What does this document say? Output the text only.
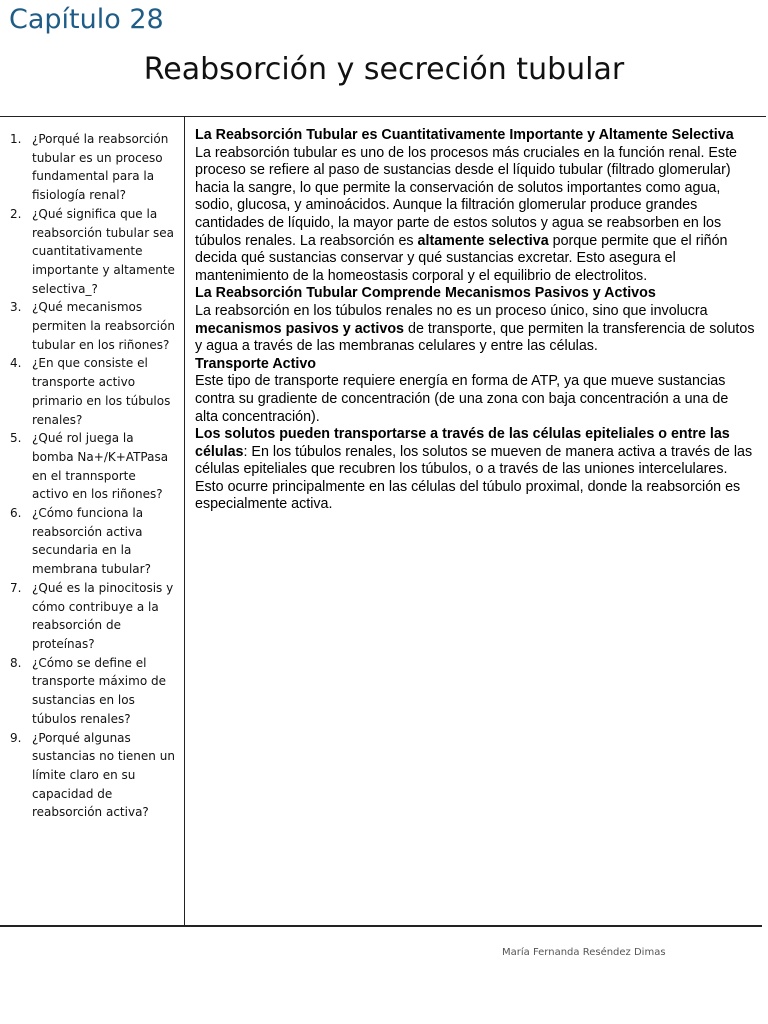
Capítulo 28
Reabsorción y secreción tubular
1. ¿Porqué la reabsorción tubular es un proceso fundamental para la fisiología renal?
2. ¿Qué significa que la reabsorción tubular sea cuantitativamente importante y altamente selectiva_?
3. ¿Qué mecanismos permiten la reabsorción tubular en los riñones?
4. ¿En que consiste el transporte activo primario en los túbulos renales?
5. ¿Qué rol juega la bomba Na+/K+ATPasa en el trannsporte activo en los riñones?
6. ¿Cómo funciona la reabsorción activa secundaria en la membrana tubular?
7. ¿Qué es la pinocitosis y cómo contribuye a la reabsorción de proteínas?
8. ¿Cómo se define el transporte máximo de sustancias en los túbulos renales?
9. ¿Porqué algunas sustancias no tienen un límite claro en su capacidad de reabsorción activa?

La Reabsorción Tubular es Cuantitativamente Importante y Altamente Selectiva

La reabsorción tubular es uno de los procesos más cruciales en la función renal. Este proceso se refiere al paso de sustancias desde el líquido tubular (filtrado glomerular) hacia la sangre, lo que permite la conservación de solutos importantes como agua, sodio, glucosa, y aminoácidos. Aunque la filtración glomerular produce grandes cantidades de líquido, la mayor parte de estos solutos y agua se reabsorben en los túbulos renales. La reabsorción es altamente selectiva porque permite que el riñón decida qué sustancias conservar y qué sustancias excretar. Esto asegura el mantenimiento de la homeostasis corporal y el equilibrio de electrolitos.

La Reabsorción Tubular Comprende Mecanismos Pasivos y Activos

La reabsorción en los túbulos renales no es un proceso único, sino que involucra mecanismos pasivos y activos de transporte, que permiten la transferencia de solutos y agua a través de las membranas celulares y entre las células.

Transporte Activo

Este tipo de transporte requiere energía en forma de ATP, ya que mueve sustancias contra su gradiente de concentración (de una zona con baja concentración a una de alta concentración).

Los solutos pueden transportarse a través de las células epiteliales o entre las células: En los túbulos renales, los solutos se mueven de manera activa a través de las células epiteliales que recubren los túbulos, o a través de las uniones intercelulares. Esto ocurre principalmente en las células del túbulo proximal, donde la reabsorción es especialmente activa.

María Fernanda Reséndez Dimas
